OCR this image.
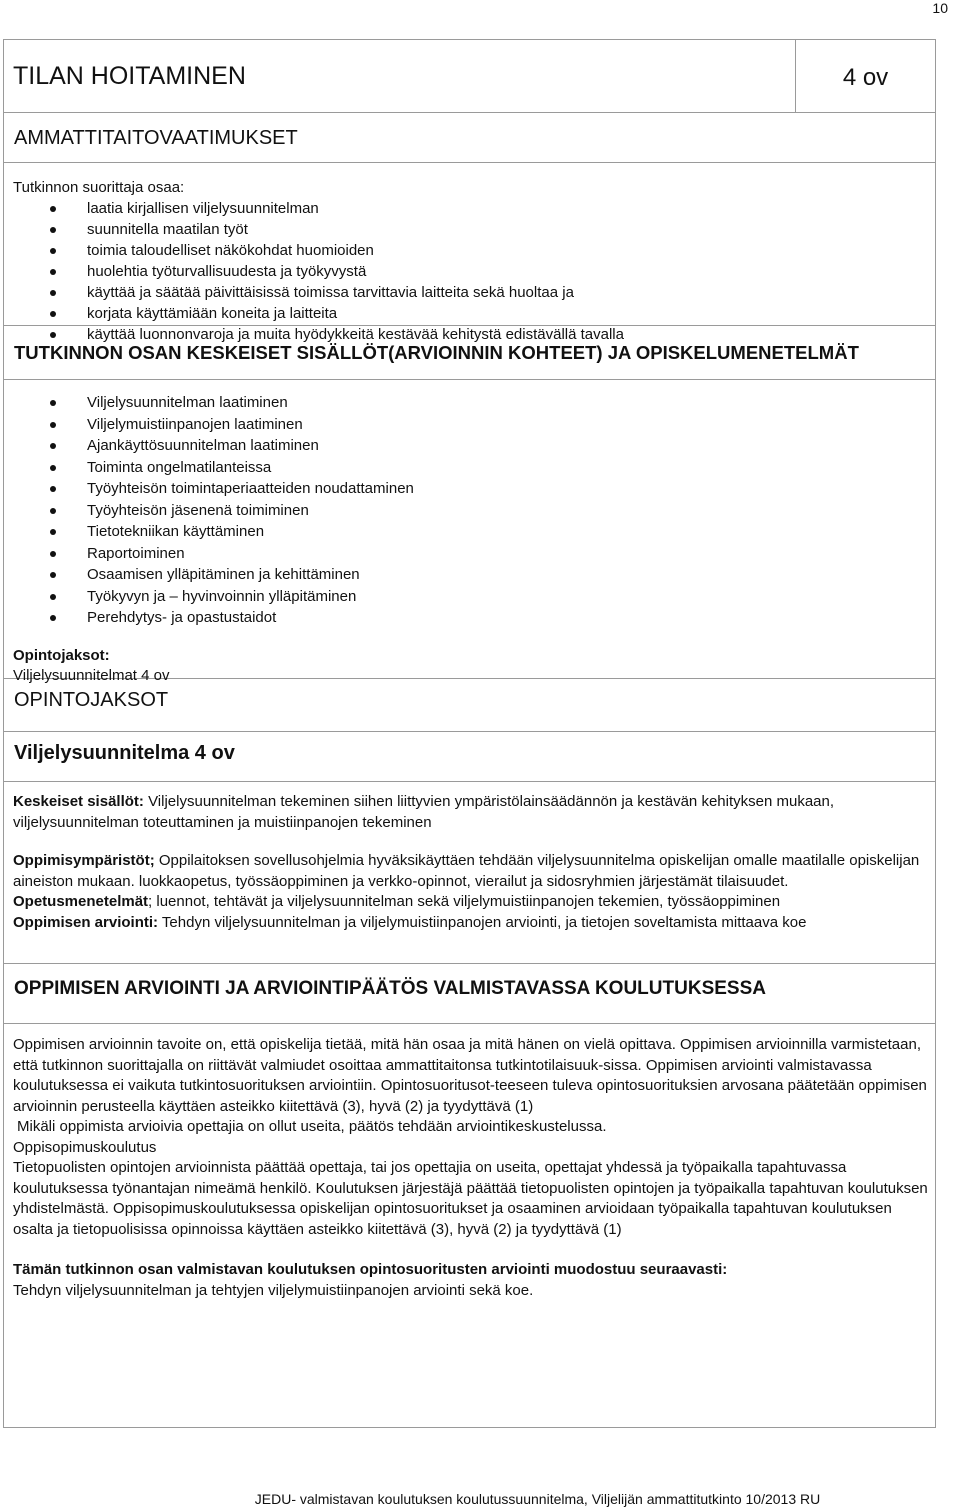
10
TILAN HOITAMINEN	4 ov
AMMATTITAITOVAATIMUKSET
Tutkinnon suorittaja osaa:
laatia kirjallisen viljelysuunnitelman
suunnitella maatilan työt
toimia taloudelliset näkökohdat huomioiden
huolehtia työturvallisuudesta ja työkyvystä
käyttää ja säätää päivittäisissä toimissa tarvittavia laitteita sekä huoltaa ja
korjata käyttämiään koneita ja laitteita
käyttää luonnonvaroja ja muita hyödykkeitä kestävää kehitystä edistävällä tavalla
TUTKINNON OSAN KESKEISET SISÄLLÖT(ARVIOINNIN KOHTEET) JA OPISKELUMENETELMÄT
Viljelysuunnitelman laatiminen
Viljelymuistiinpanojen laatiminen
Ajankäyttösuunnitelman laatiminen
Toiminta ongelmatilanteissa
Työyhteisön toimintaperiaatteiden noudattaminen
Työyhteisön jäsenenä toimiminen
Tietotekniikan käyttäminen
Raportoiminen
Osaamisen ylläpitäminen ja kehittäminen
Työkyvyn ja – hyvinvoinnin ylläpitäminen
Perehdytys- ja opastustaidot
Opintojaksot:
Viljelysuunnitelmat 4 ov
OPINTOJAKSOT
Viljelysuunnitelma 4 ov

Keskeiset sisällöt: Viljelysuunnitelman tekeminen siihen liittyvien ympäristölainsäädännön ja kestävän kehityksen mukaan, viljelysuunnitelman toteuttaminen ja muistiinpanojen tekeminen

Oppimisympäristöt; Oppilaitoksen sovellusohjelmia hyväksikäyttäen tehdään viljelysuunnitelma opiskelijan omalle maatilalle opiskelijan aineiston mukaan. luokkaopetus, työssäoppiminen ja verkko-opinnot, vierailut ja sidosryhmien järjestämät tilaisuudet.

Opetusmenetelmät; luennot, tehtävät ja viljelysuunnitelman sekä viljelymuistiinpanojen tekemien, työssäoppiminen

Oppimisen arviointi: Tehdyn viljelysuunnitelman ja viljelymuistiinpanojen arviointi, ja tietojen soveltamista mittaava koe

OPPIMISEN ARVIOINTI JA ARVIOINTIPÄÄTÖS VALMISTAVASSA KOULUTUKSESSA

Oppimisen arvioinnin tavoite on, että opiskelija tietää, mitä hän osaa ja mitä hänen on vielä opittava. Oppimisen arvioinnilla varmistetaan, että tutkinnon suorittajalla on riittävät valmiudet osoittaa ammattitaitonsa tutkintotilaisuuk-sissa. Oppimisen arviointi valmistavassa koulutuksessa ei vaikuta tutkintosuorituksen arviointiin. Opintosuoritusot-teeseen tuleva opintosuorituksien arvosana päätetään oppimisen arvioinnin perusteella käyttäen asteikko kiitettävä (3), hyvä (2) ja tyydyttävä (1)

Mikäli oppimista arvioivia opettajia on ollut useita, päätös tehdään arviointikeskustelussa.

Oppisopimuskoulutus

Tietopuolisten opintojen arvioinnista päättää opettaja, tai jos opettajia on useita, opettajat yhdessä ja työpaikalla tapahtuvassa koulutuksessa työnantajan nimeämä henkilö. Koulutuksen järjestäjä päättää tietopuolisten opintojen ja työpaikalla tapahtuvan koulutuksen yhdistelmästä. Oppisopimuskoulutuksessa opiskelijan opintosuoritukset ja osaaminen arvioidaan työpaikalla tapahtuvan koulutuksen osalta ja tietopuolisissa opinnoissa käyttäen asteikko kiitettävä (3), hyvä (2) ja tyydyttävä (1)

Tämän tutkinnon osan valmistavan koulutuksen opintosuoritusten arviointi muodostuu seuraavasti:

Tehdyn viljelysuunnitelman ja tehtyjen viljelymuistiinpanojen arviointi sekä koe.

JEDU- valmistavan koulutuksen koulutussuunnitelma, Viljelijän ammattitutkinto 10/2013 RU
